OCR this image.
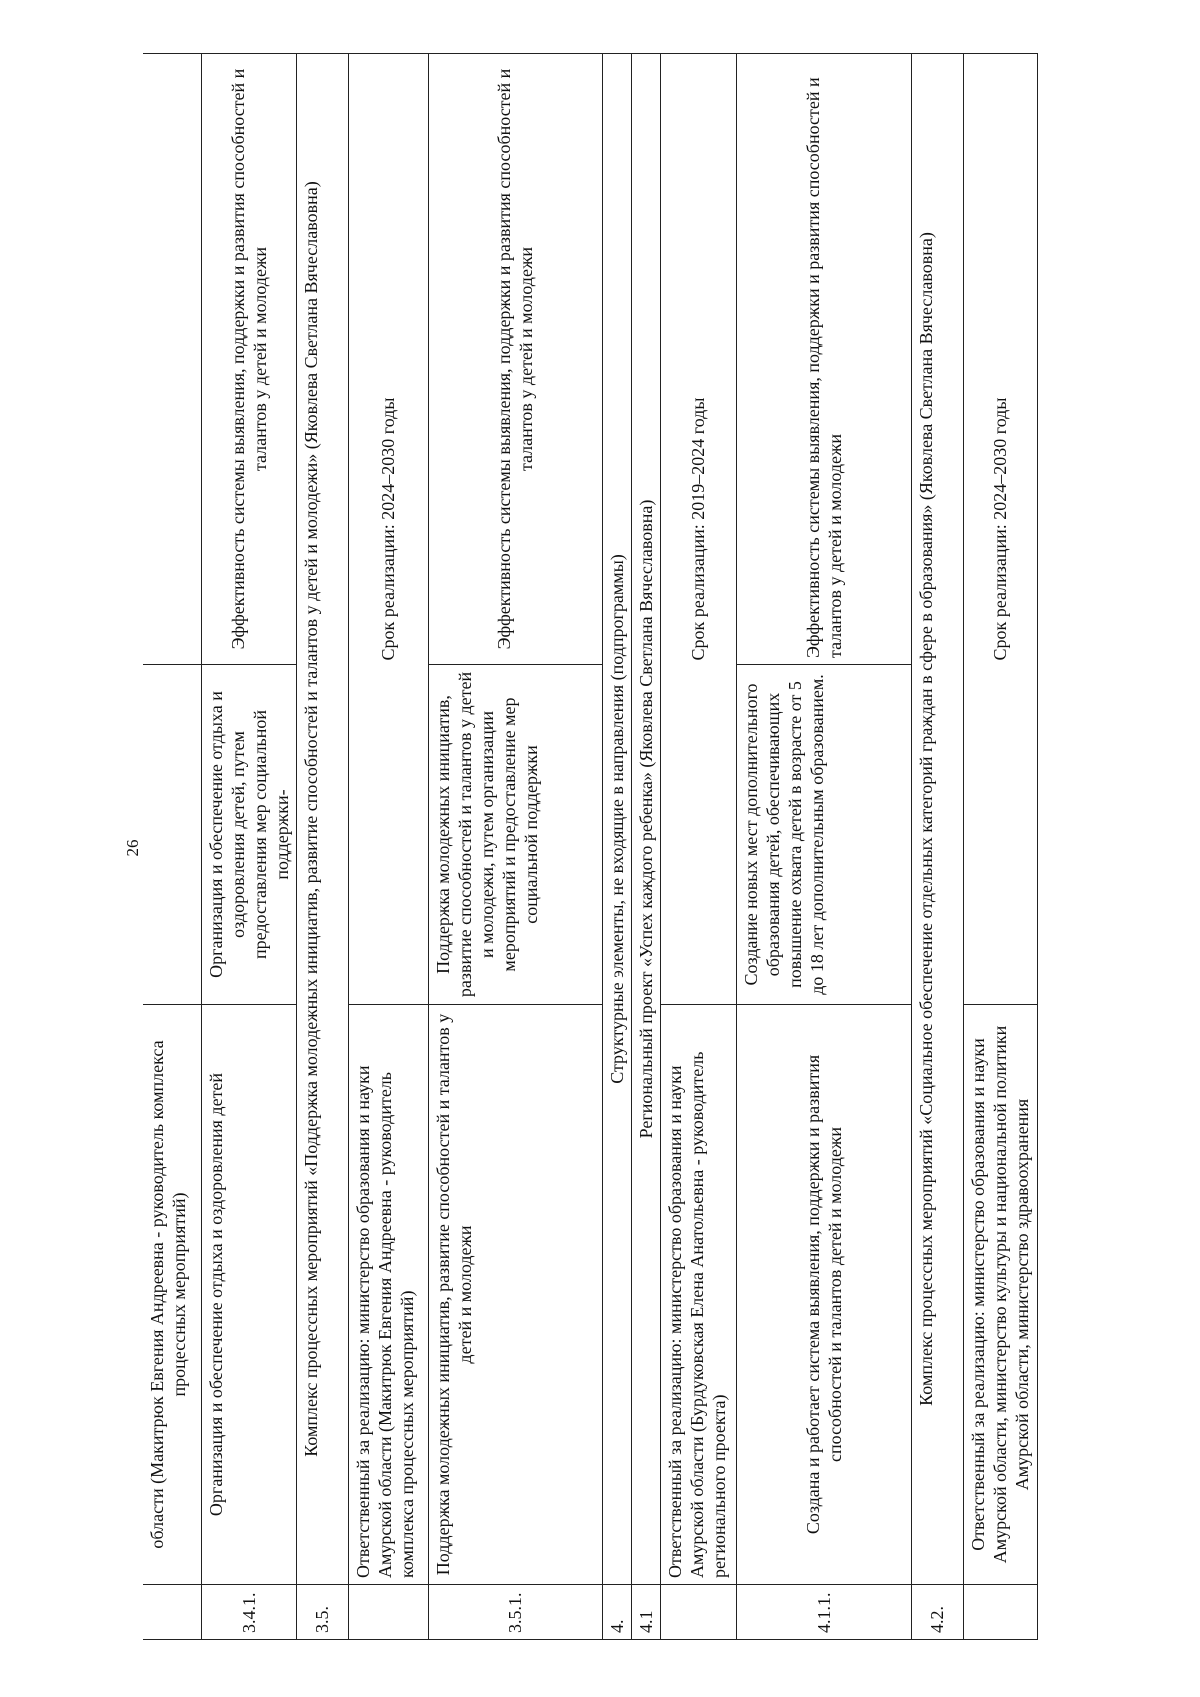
26
	области (Макитрюк Евгения Андреевна - руководитель комплекса процессных мероприятий)		
3.4.1.	Организация и обеспечение отдыха и оздоровления детей	Организация и обеспечение отдыха и оздоровления детей, путем предоставления мер социальной поддержки-	Эффективность системы выявления, поддержки и развития способностей и талантов у детей и молодежи
3.5.	Комплекс процессных мероприятий «Поддержка молодежных инициатив, развитие способностей и талантов у детей и молодежи» (Яковлева Светлана Вячеславовна)		
	Ответственный за реализацию: министерство образования и науки Амурской области (Макитрюк Евгения Андреевна - руководитель комплекса процессных мероприятий)	Срок реализации: 2024–2030 годы	
3.5.1.	Поддержка молодежных инициатив, развитие способностей и талантов у детей и молодежи	Поддержка молодежных инициатив, развитие способностей и талантов у детей и молодежи, путем организации мероприятий и предоставление мер социальной поддержки	Эффективность системы выявления, поддержки и развития способностей и талантов у детей и молодежи
4.	Структурные элементы, не входящие в направления (подпрограммы)		
4.1	Региональный проект «Успех каждого ребенка» (Яковлева Светлана Вячеславовна)		
	Ответственный за реализацию: министерство образования и науки Амурской области (Бурдуковская Елена Анатольевна - руководитель регионального проекта)	Срок реализации: 2019–2024 годы	
4.1.1.	Создана и работает система выявления, поддержки и развития способностей и талантов детей и молодежи	Создание новых мест дополнительного образования детей, обеспечивающих повышение охвата детей в возрасте от 5 до 18 лет дополнительным образованием.	Эффективность системы выявления, поддержки и развития способностей и талантов у детей и молодежи
4.2.	Комплекс процессных мероприятий «Социальное обеспечение отдельных категорий граждан в сфере в образования» (Яковлева Светлана Вячеславовна)		
	Ответственный за реализацию: министерство образования и науки Амурской области, министерство культуры и национальной политики Амурской области, министерство здравоохранения	Срок реализации: 2024–2030 годы	
